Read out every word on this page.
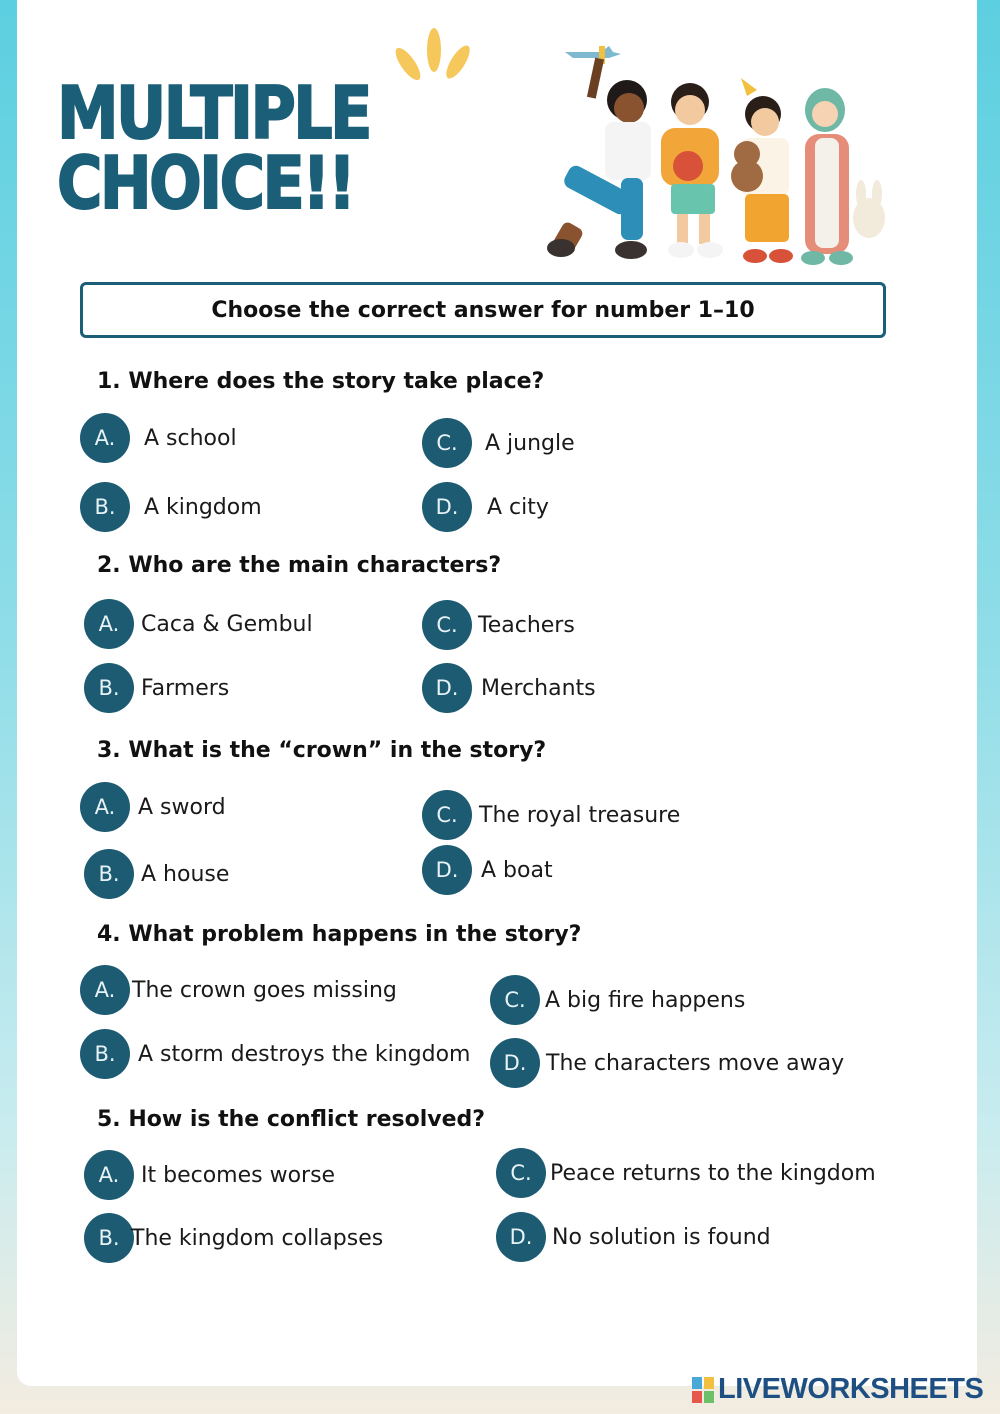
MULTIPLE
CHOICE!!
Choose the correct answer for number 1–10

1. Where does the story take place?

A.	A school
B.	A kingdom
C.	A jungle
D.	A city

2. Who are the main characters?

A. Caca & Gembul
B. Farmers
C. Teachers
D.	Merchants

3. What is the “crown” in the story?

A.	A sword
B. A house
C. The royal treasure
D.	A boat

4. What problem happens in the story?

A. The crown goes missing
B.	A storm destroys the kingdom
C. A big fire happens
D. The characters move away

5. How is the conflict resolved?

A. It becomes worse
B. The kingdom collapses
C. Peace returns to the kingdom
D. No solution is found
LIVEWORKSHEETS
